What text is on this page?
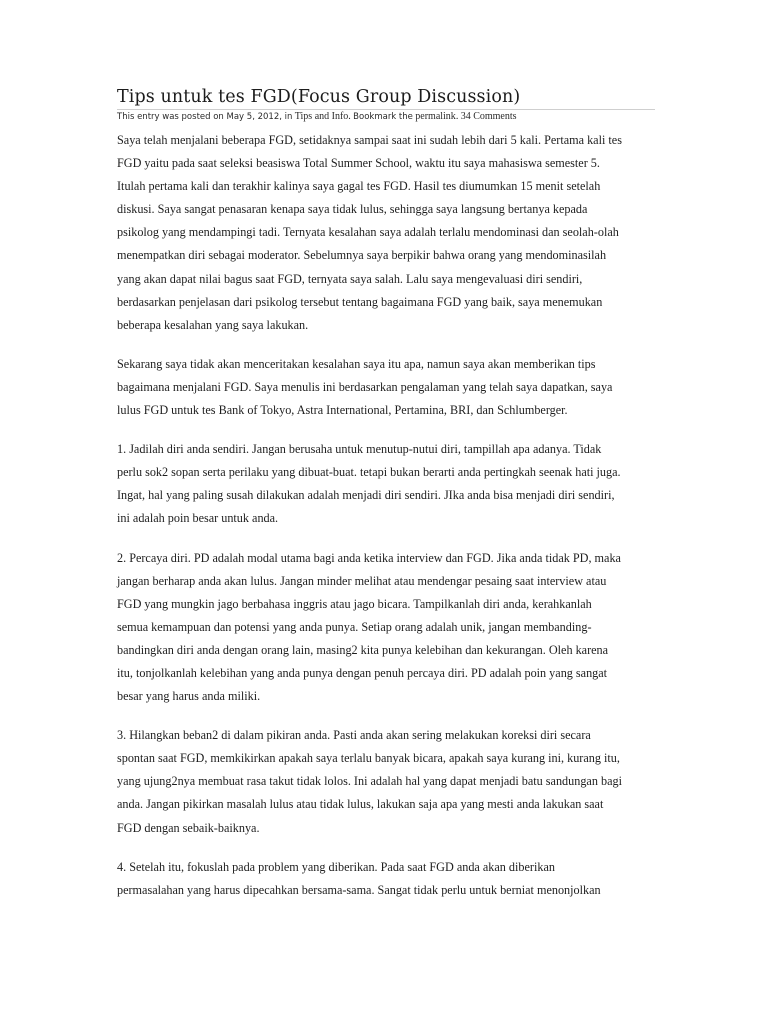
Tips untuk tes FGD(Focus Group Discussion)
This entry was posted on May 5, 2012, in Tips and Info. Bookmark the permalink. 34 Comments

Saya telah menjalani beberapa FGD, setidaknya sampai saat ini sudah lebih dari 5 kali. Pertama kali tes
FGD yaitu pada saat seleksi beasiswa Total Summer School, waktu itu saya mahasiswa semester 5.
Itulah pertama kali dan terakhir kalinya saya gagal tes FGD. Hasil tes diumumkan 15 menit setelah
diskusi. Saya sangat penasaran kenapa saya tidak lulus, sehingga saya langsung bertanya kepada
psikolog yang mendampingi tadi. Ternyata kesalahan saya adalah terlalu mendominasi dan seolah-olah
menempatkan diri sebagai moderator. Sebelumnya saya berpikir bahwa orang yang mendominasilah
yang akan dapat nilai bagus saat FGD, ternyata saya salah. Lalu saya mengevaluasi diri sendiri,
berdasarkan penjelasan dari psikolog tersebut tentang bagaimana FGD yang baik, saya menemukan
beberapa kesalahan yang saya lakukan.

Sekarang saya tidak akan menceritakan kesalahan saya itu apa, namun saya akan memberikan tips
bagaimana menjalani FGD. Saya menulis ini berdasarkan pengalaman yang telah saya dapatkan, saya
lulus FGD untuk tes Bank of Tokyo, Astra International, Pertamina, BRI, dan Schlumberger.

1. Jadilah diri anda sendiri. Jangan berusaha untuk menutup-nutui diri, tampillah apa adanya. Tidak
perlu sok2 sopan serta perilaku yang dibuat-buat. tetapi bukan berarti anda pertingkah seenak hati juga.
Ingat, hal yang paling susah dilakukan adalah menjadi diri sendiri. JIka anda bisa menjadi diri sendiri,
ini adalah poin besar untuk anda.

2. Percaya diri. PD adalah modal utama bagi anda ketika interview dan FGD. Jika anda tidak PD, maka
jangan berharap anda akan lulus. Jangan minder melihat atau mendengar pesaing saat interview atau
FGD yang mungkin jago berbahasa inggris atau jago bicara. Tampilkanlah diri anda, kerahkanlah
semua kemampuan dan potensi yang anda punya. Setiap orang adalah unik, jangan membanding-
bandingkan diri anda dengan orang lain, masing2 kita punya kelebihan dan kekurangan. Oleh karena
itu, tonjolkanlah kelebihan yang anda punya dengan penuh percaya diri. PD adalah poin yang sangat
besar yang harus anda miliki.

3. Hilangkan beban2 di dalam pikiran anda. Pasti anda akan sering melakukan koreksi diri secara
spontan saat FGD, memkikirkan apakah saya terlalu banyak bicara, apakah saya kurang ini, kurang itu,
yang ujung2nya membuat rasa takut tidak lolos. Ini adalah hal yang dapat menjadi batu sandungan bagi
anda. Jangan pikirkan masalah lulus atau tidak lulus, lakukan saja apa yang mesti anda lakukan saat
FGD dengan sebaik-baiknya.

4. Setelah itu, fokuslah pada problem yang diberikan. Pada saat FGD anda akan diberikan
permasalahan yang harus dipecahkan bersama-sama. Sangat tidak perlu untuk berniat menonjolkan
